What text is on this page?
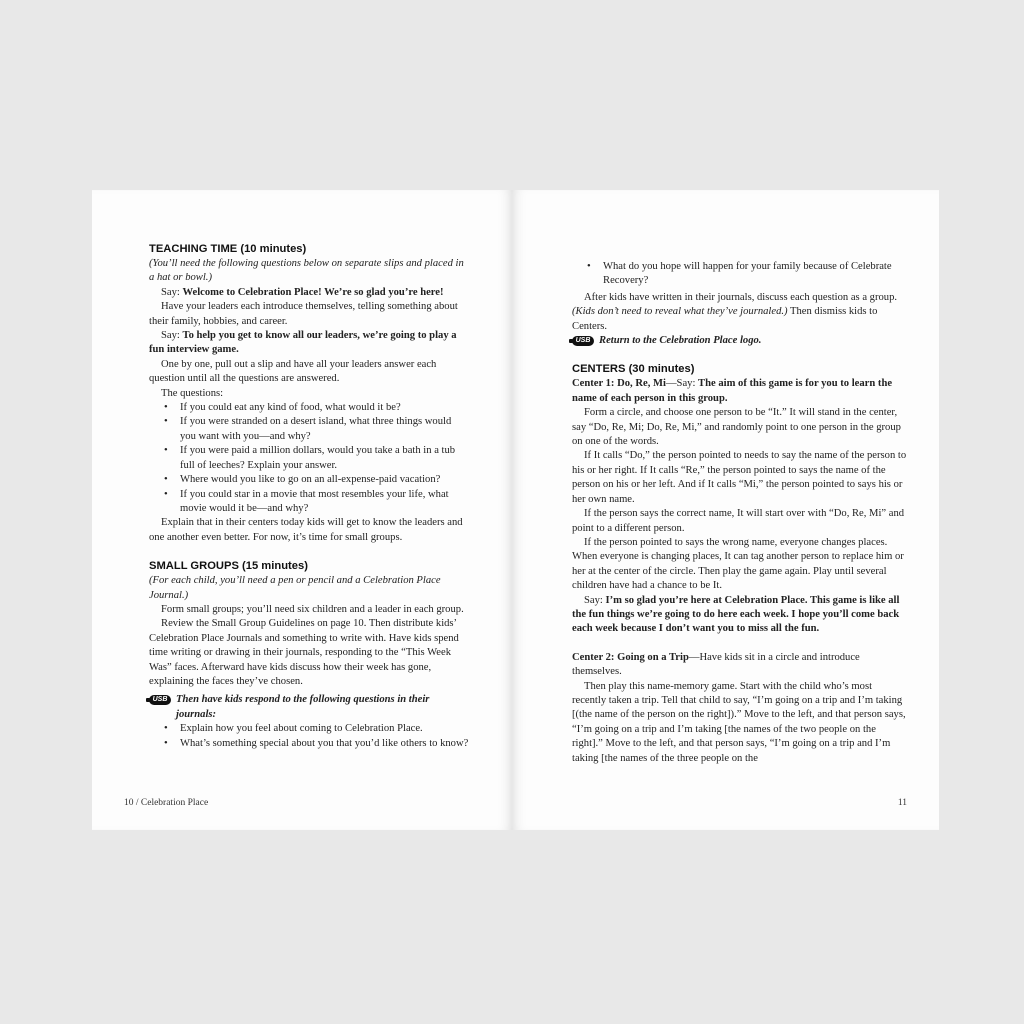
TEACHING TIME (10 minutes)

(You’ll need the following questions below on separate slips and placed in a hat or bowl.)

Say: Welcome to Celebration Place! We’re so glad you’re here!

Have your leaders each introduce themselves, telling something about their family, hobbies, and career.

Say: To help you get to know all our leaders, we’re going to play a fun interview game.

One by one, pull out a slip and have all your leaders answer each question until all the questions are answered.

The questions:

• If you could eat any kind of food, what would it be?
• If you were stranded on a desert island, what three things would you want with you—and why?
• If you were paid a million dollars, would you take a bath in a tub full of leeches? Explain your answer.
• Where would you like to go on an all-expense-paid vacation?
• If you could star in a movie that most resembles your life, what movie would it be—and why?

Explain that in their centers today kids will get to know the leaders and one another even better. For now, it’s time for small groups.

SMALL GROUPS (15 minutes)

(For each child, you’ll need a pen or pencil and a Celebration Place Journal.)

Form small groups; you’ll need six children and a leader in each group.

Review the Small Group Guidelines on page 10. Then distribute kids’ Celebration Place Journals and something to write with. Have kids spend time writing or drawing in their journals, responding to the “This Week Was” faces. Afterward have kids discuss how their week has gone, explaining the faces they’ve chosen.

USB Then have kids respond to the following questions in their journals:

• Explain how you feel about coming to Celebration Place.
• What’s something special about you that you’d like others to know?
10 / Celebration Place
• What do you hope will happen for your family because of Celebrate Recovery?

After kids have written in their journals, discuss each question as a group. (Kids don’t need to reveal what they’ve journaled.) Then dismiss kids to Centers.

USB Return to the Celebration Place logo.

CENTERS (30 minutes)

Center 1: Do, Re, Mi—Say: The aim of this game is for you to learn the name of each person in this group.

Form a circle, and choose one person to be “It.” It will stand in the center, say “Do, Re, Mi; Do, Re, Mi,” and randomly point to one person in the group on one of the words.

If It calls “Do,” the person pointed to needs to say the name of the person to his or her right. If It calls “Re,” the person pointed to says the name of the person on his or her left. And if It calls “Mi,” the person pointed to says his or her own name.

If the person says the correct name, It will start over with “Do, Re, Mi” and point to a different person.

If the person pointed to says the wrong name, everyone changes places. When everyone is changing places, It can tag another person to replace him or her at the center of the circle. Then play the game again. Play until several children have had a chance to be It.

Say: I’m so glad you’re here at Celebration Place. This game is like all the fun things we’re going to do here each week. I hope you’ll come back each week because I don’t want you to miss all the fun.

Center 2: Going on a Trip—Have kids sit in a circle and introduce themselves.

Then play this name-memory game. Start with the child who’s most recently taken a trip. Tell that child to say, “I’m going on a trip and I’m taking [(the name of the person on the right]).” Move to the left, and that person says, “I’m going on a trip and I’m taking [the names of the two people on the right].” Move to the left, and that person says, “I’m going on a trip and I’m taking [the names of the three people on the

11
